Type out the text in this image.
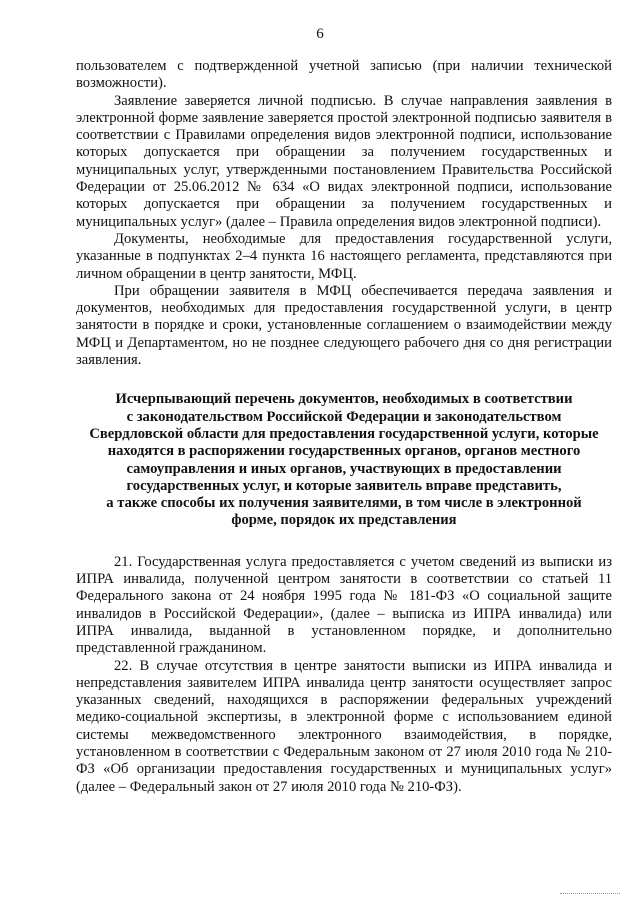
6

пользователем с подтвержденной учетной записью (при наличии технической возможности).

Заявление заверяется личной подписью. В случае направления заявления в электронной форме заявление заверяется простой электронной подписью заявителя в соответствии с Правилами определения видов электронной подписи, использование которых допускается при обращении за получением государственных и муниципальных услуг, утвержденными постановлением Правительства Российской Федерации от 25.06.2012 № 634 «О видах электронной подписи, использование которых допускается при обращении за получением государственных и муниципальных услуг» (далее – Правила определения видов электронной подписи).

Документы, необходимые для предоставления государственной услуги, указанные в подпунктах 2–4 пункта 16 настоящего регламента, представляются при личном обращении в центр занятости, МФЦ.

При обращении заявителя в МФЦ обеспечивается передача заявления и документов, необходимых для предоставления государственной услуги, в центр занятости в порядке и сроки, установленные соглашением о взаимодействии между МФЦ и Департаментом, но не позднее следующего рабочего дня со дня регистрации заявления.

Исчерпывающий перечень документов, необходимых в соответствии
с законодательством Российской Федерации и законодательством
Свердловской области для предоставления государственной услуги, которые
находятся в распоряжении государственных органов, органов местного
самоуправления и иных органов, участвующих в предоставлении
государственных услуг, и которые заявитель вправе представить,
а также способы их получения заявителями, в том числе в электронной
форме, порядок их представления

21. Государственная услуга предоставляется с учетом сведений из выписки из ИПРА инвалида, полученной центром занятости в соответствии со статьей 11 Федерального закона от 24 ноября 1995 года № 181-ФЗ «О социальной защите инвалидов в Российской Федерации», (далее – выписка из ИПРА инвалида) или ИПРА инвалида, выданной в установленном порядке, и дополнительно представленной гражданином.

22. В случае отсутствия в центре занятости выписки из ИПРА инвалида и непредставления заявителем ИПРА инвалида центр занятости осуществляет запрос указанных сведений, находящихся в распоряжении федеральных учреждений медико-социальной экспертизы, в электронной форме с использованием единой системы межведомственного электронного взаимодействия, в порядке, установленном в соответствии с Федеральным законом от 27 июля 2010 года № 210-ФЗ «Об организации предоставления государственных и муниципальных услуг» (далее – Федеральный закон от 27 июля 2010 года № 210-ФЗ).
